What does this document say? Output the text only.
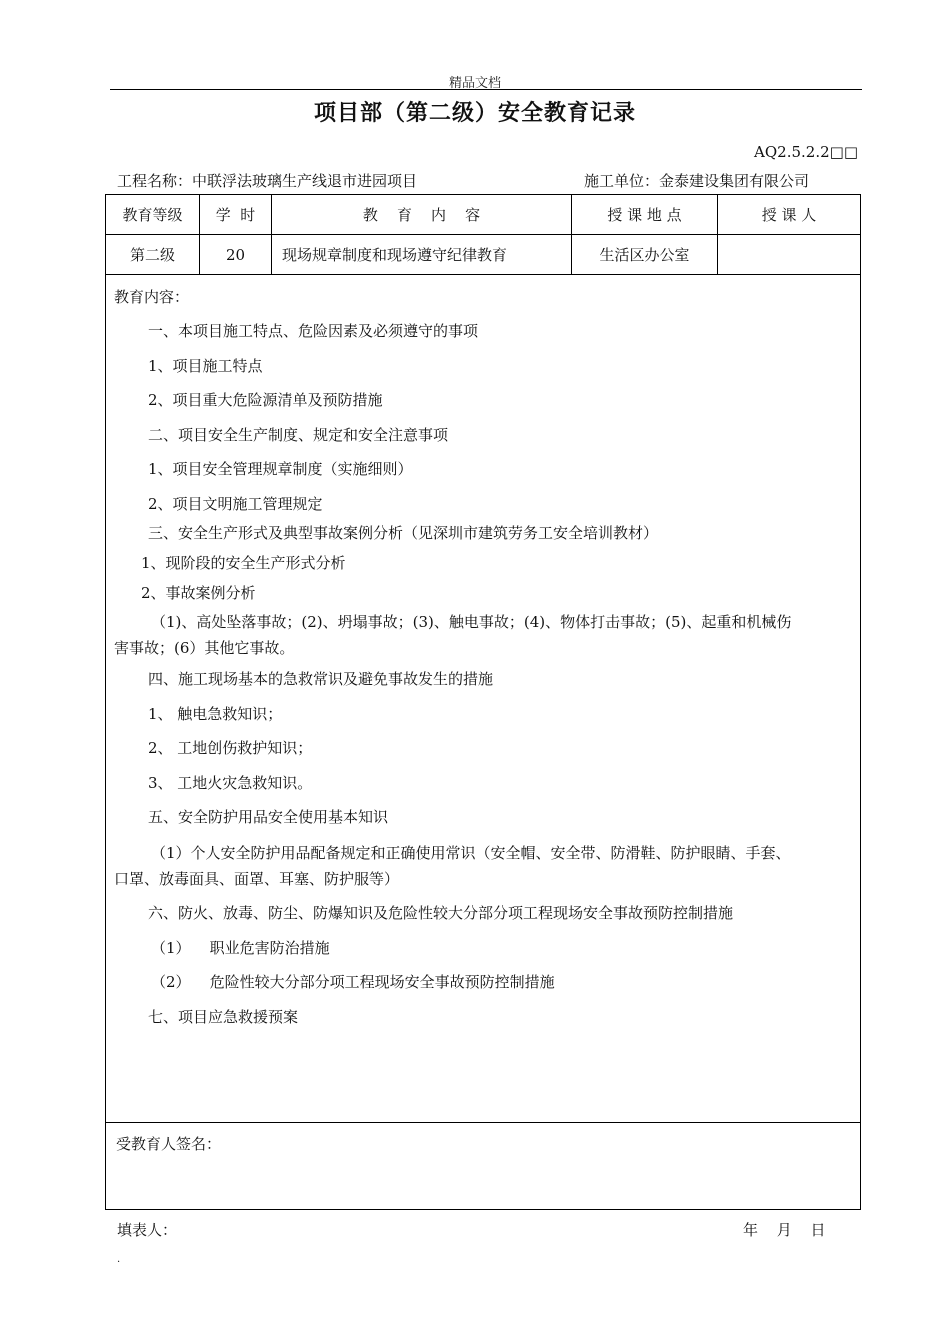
精品文档
项目部（第二级）安全教育记录
AQ2.5.2.2□□
工程名称：中联浮法玻璃生产线退市进园项目	施工单位：金泰建设集团有限公司
教育等级	学  时	教    育    内    容	授 课 地 点	授 课 人
第二级	20	现场规章制度和现场遵守纪律教育	生活区办公室	
教育内容：
一、本项目施工特点、危险因素及必须遵守的事项
1、项目施工特点
2、项目重大危险源清单及预防措施
二、项目安全生产制度、规定和安全注意事项
1、项目安全管理规章制度（实施细则）
2、项目文明施工管理规定
三、安全生产形式及典型事故案例分析（见深圳市建筑劳务工安全培训教材）
1、现阶段的安全生产形式分析
2、事故案例分析
（1)、高处坠落事故；(2)、坍塌事故；(3)、触电事故；(4)、物体打击事故；(5)、起重和机械伤
害事故；(6）其他它事故。
四、施工现场基本的急救常识及避免事故发生的措施
1、 触电急救知识；
2、 工地创伤救护知识；
3、 工地火灾急救知识。
五、安全防护用品安全使用基本知识
（1）个人安全防护用品配备规定和正确使用常识（安全帽、安全带、防滑鞋、防护眼睛、手套、
口罩、放毒面具、面罩、耳塞、防护服等）
六、防火、放毒、防尘、防爆知识及危险性较大分部分项工程现场安全事故预防控制措施
（1）    职业危害防治措施
（2）    危险性较大分部分项工程现场安全事故预防控制措施
七、项目应急救援预案
受教育人签名：
填表人：	年 月 日
.
